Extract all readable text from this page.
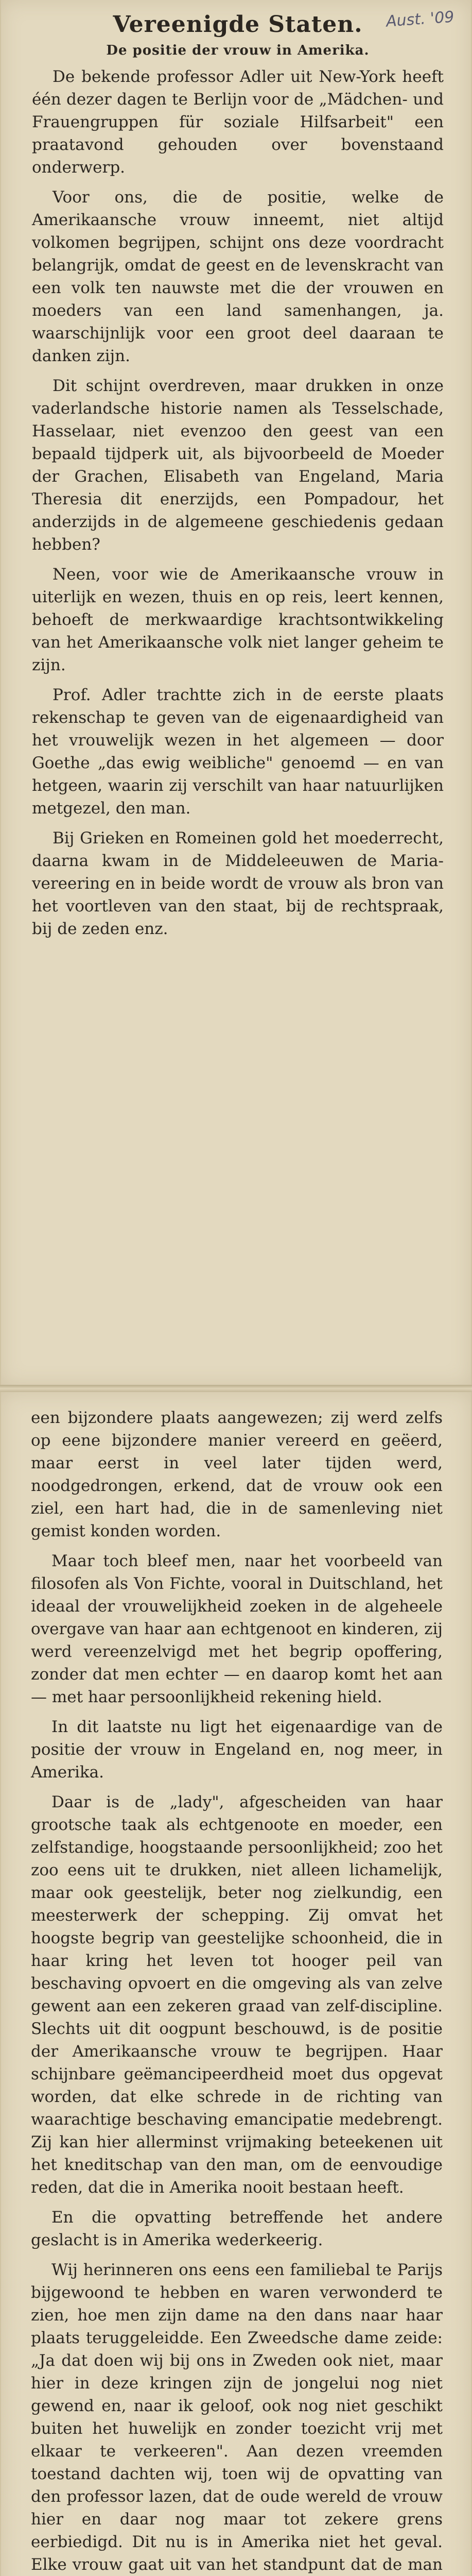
Vereenigde Staten.	Aust. '09
De positie der vrouw in Amerika.

De bekende professor Adler uit New-York heeft één dezer dagen te Berlijn voor de „Mädchen- und Frauengruppen für soziale Hilfsarbeit" een praatavond gehouden over bovenstaand onderwerp.

Voor ons, die de positie, welke de Amerikaansche vrouw inneemt, niet altijd volkomen begrijpen, schijnt ons deze voordracht belangrijk, omdat de geest en de levenskracht van een volk ten nauwste met die der vrouwen en moeders van een land samenhangen, ja. waarschijnlijk voor een groot deel daaraan te danken zijn.

Dit schijnt overdreven, maar drukken in onze vaderlandsche historie namen als Tesselschade, Hasselaar, niet evenzoo den geest van een bepaald tijdperk uit, als bijvoorbeeld de Moeder der Grachen, Elisabeth van Engeland, Maria Theresia dit enerzijds, een Pompadour, het anderzijds in de algemeene geschiedenis gedaan hebben?

Neen, voor wie de Amerikaansche vrouw in uiterlijk en wezen, thuis en op reis, leert kennen, behoeft de merkwaardige krachtsontwikkeling van het Amerikaansche volk niet langer geheim te zijn.

Prof. Adler trachtte zich in de eerste plaats rekenschap te geven van de eigenaardigheid van het vrouwelijk wezen in het algemeen — door Goethe „das ewig weibliche" genoemd — en van hetgeen, waarin zij verschilt van haar natuurlijken metgezel, den man.

Bij Grieken en Romeinen gold het moederrecht, daarna kwam in de Middeleeuwen de Maria-vereering en in beide wordt de vrouw als bron van het voortleven van den staat, bij de rechtspraak, bij de zeden enz.

een bijzondere plaats aangewezen; zij werd zelfs op eene bijzondere manier vereerd en geëerd, maar eerst in veel later tijden werd, noodgedrongen, erkend, dat de vrouw ook een ziel, een hart had, die in de samenleving niet gemist konden worden.

Maar toch bleef men, naar het voorbeeld van filosofen als Von Fichte, vooral in Duitschland, het ideaal der vrouwelijkheid zoeken in de algeheele overgave van haar aan echtgenoot en kinderen, zij werd vereenzelvigd met het begrip opoffering, zonder dat men echter — en daarop komt het aan — met haar persoonlijkheid rekening hield.

In dit laatste nu ligt het eigenaardige van de positie der vrouw in Engeland en, nog meer, in Amerika.

Daar is de „lady", afgescheiden van haar grootsche taak als echtgenoote en moeder, een zelfstandige, hoogstaande persoonlijkheid; zoo het zoo eens uit te drukken, niet alleen lichamelijk, maar ook geestelijk, beter nog zielkundig, een meesterwerk der schepping. Zij omvat het hoogste begrip van geestelijke schoonheid, die in haar kring het leven tot hooger peil van beschaving opvoert en die omgeving als van zelve gewent aan een zekeren graad van zelf-discipline. Slechts uit dit oogpunt beschouwd, is de positie der Amerikaansche vrouw te begrijpen. Haar schijnbare geëmancipeerdheid moet dus opgevat worden, dat elke schrede in de richting van waarachtige beschaving emancipatie medebrengt. Zij kan hier allerminst vrijmaking beteekenen uit het kneditschap van den man, om de eenvoudige reden, dat die in Amerika nooit bestaan heeft.

En die opvatting betreffende het andere geslacht is in Amerika wederkeerig.

Wij herinneren ons eens een familiebal te Parijs bijgewoond te hebben en waren verwonderd te zien, hoe men zijn dame na den dans naar haar plaats teruggeleidde. Een Zweedsche dame zeide: „Ja dat doen wij bij ons in Zweden ook niet, maar hier in deze kringen zijn de jongelui nog niet gewend en, naar ik geloof, ook nog niet geschikt buiten het huwelijk en zonder toezicht vrij met elkaar te verkeeren". Aan dezen vreemden toestand dachten wij, toen wij de opvatting van den professor lazen, dat de oude wereld de vrouw hier en daar nog maar tot zekere grens eerbiedigd. Dit nu is in Amerika niet het geval. Elke vrouw gaat uit van het standpunt dat de man
